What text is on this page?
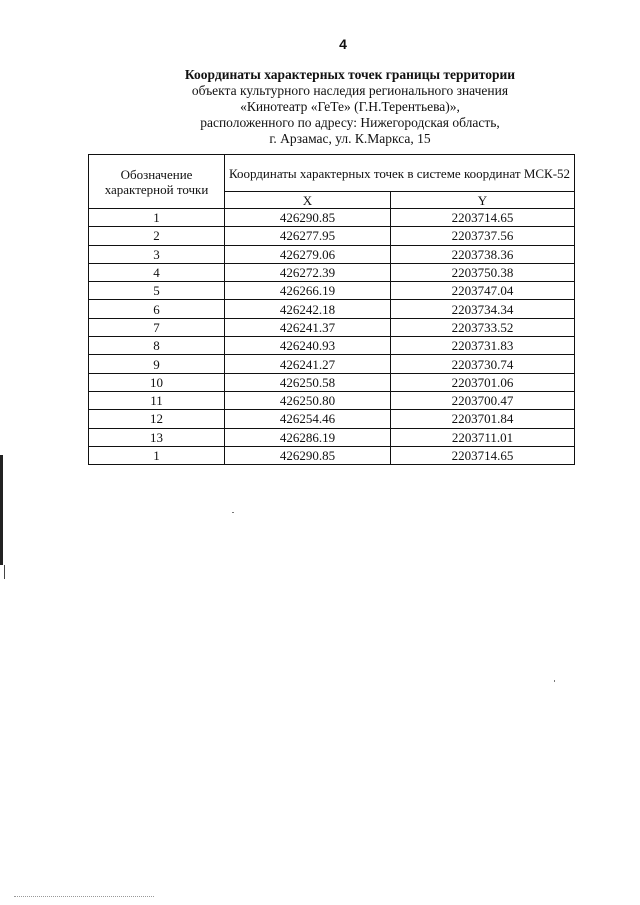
4
Координаты характерных точек границы территории
объекта культурного наследия регионального значения
«Кинотеатр «ГеТе» (Г.Н.Терентьева)»,
расположенного по адресу: Нижегородская область,
г. Арзамас, ул. К.Маркса, 15
Обозначение характерной точки	Координаты характерных точек в системе координат МСК-52	
	X	Y
1	426290.85	2203714.65
2	426277.95	2203737.56
3	426279.06	2203738.36
4	426272.39	2203750.38
5	426266.19	2203747.04
6	426242.18	2203734.34
7	426241.37	2203733.52
8	426240.93	2203731.83
9	426241.27	2203730.74
10	426250.58	2203701.06
11	426250.80	2203700.47
12	426254.46	2203701.84
13	426286.19	2203711.01
1	426290.85	2203714.65
